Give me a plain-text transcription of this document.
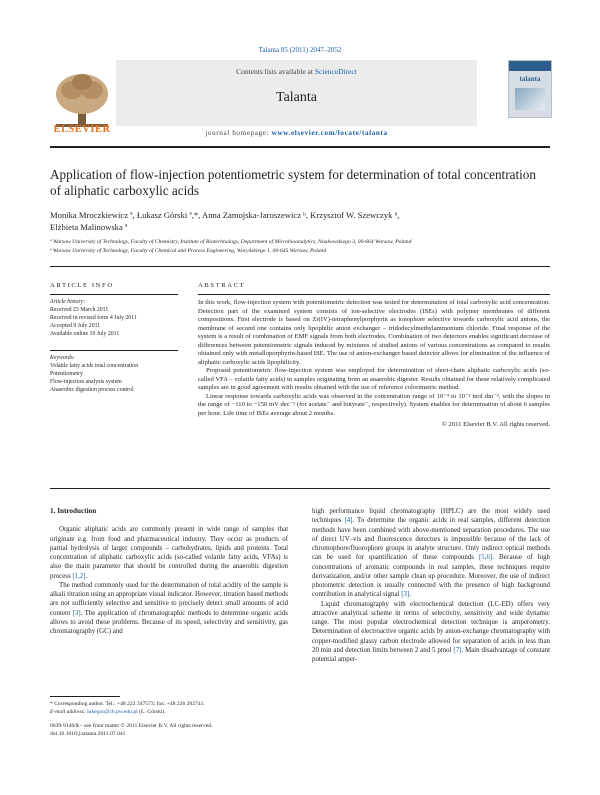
Talanta 85 (2011) 2047–2052
ELSEVIER
Contents lists available at ScienceDirect
Talanta
journal homepage: www.elsevier.com/locate/talanta
talanta
Application of flow-injection potentiometric system for determination of total concentration of aliphatic carboxylic acids
Monika Mroczkiewicz ª, Łukasz Górski ª,*, Anna Zamojska-Jaroszewicz ᵇ, Krzysztof W. Szewczyk ᵇ,
Elżbieta Malinowska ª
ª Warsaw University of Technology, Faculty of Chemistry, Institute of Biotechnology, Department of Microbioanalytics, Noakowskiego 3, 00-664 Warsaw, Poland
ᵇ Warsaw University of Technology, Faculty of Chemical and Process Engineering, Waryńskiego 1, 00-645 Warsaw, Poland
ARTICLE INFO
Article history:
Received 23 March 2011
Received in revised form 4 July 2011
Accepted 9 July 2011
Available online 19 July 2011
Keywords:
Volatile fatty acids total concentration
Potentiometry
Flow-injection analysis system
Anaerobic digestion process control
ABSTRACT

In this work, flow-injection system with potentiometric detection was tested for determination of total carboxylic acid concentration. Detection part of the examined system consists of ion-selective electrodes (ISEs) with polymer membranes of different compositions. First electrode is based on Zr(IV)-tetraphenylporphyrin as ionophore selective towards carboxylic acid anions, the membrane of second one contains only lipophilic anion exchanger – tridodecylmethylammonium chloride. Final response of the system is a result of combination of EMF signals from both electrodes. Combination of two detectors enables significant decrease of differences between potentiometric signals induced by mixtures of studied anions of various concentrations as compared to results obtained only with metalloporphyrin-based ISE. The use of anion-exchanger based detector allows for elimination of the influence of aliphatic carboxylic acids lipophilicity.

Proposed potentiometric flow-injection system was employed for determination of short-chain aliphatic carboxylic acids (so-called VFA – volatile fatty acids) in samples originating from an anaerobic digester. Results obtained for these relatively complicated samples are in good agreement with results obtained with the use of reference colorimetric method.

Linear response towards carboxylic acids was observed in the concentration range of 10⁻⁴ to 10⁻² mol dm⁻³, with the slopes in the range of −110 to −150 mV dec⁻¹ (for acetate⁻ and butyrate⁻, respectively). System enables for determination of about 6 samples per hour. Life time of ISEs average about 2 months.

© 2011 Elsevier B.V. All rights reserved.
1. Introduction

Organic aliphatic acids are commonly present in wide range of samples that originate e.g. from food and pharmaceutical industry. They occur as products of partial hydrolysis of larger compounds – carbohydrates, lipids and proteins. Total concentration of aliphatic carboxylic acids (so-called volatile fatty acids, VFAs) is also the main parameter that should be controlled during the anaerobic digestion process [1,2].

The method commonly used for the determination of total acidity of the sample is alkali titration using an appropriate visual indicator. However, titration based methods are not sufficiently selective and sensitive to precisely detect small amounts of acid content [3]. The application of chromatographic methods to determine organic acids allows to avoid these problems. Because of its speed, selectivity and sensitivity, gas chromatography (GC) and

high performance liquid chromatography (HPLC) are the most widely used techniques [4]. To determine the organic acids in real samples, different detection methods have been combined with above-mentioned separation procedures. The use of direct UV–vis and fluorescence detectors is impossible because of the lack of chromophore/fluorophore groups in analyte structure. Only indirect optical methods can be used for quantification of these compounds [5,6]. Because of high concentrations of aromatic compounds in real samples, these techniques require derivatization, and/or other sample clean up procedure. Moreover, the use of indirect photometric detection is usually connected with the presence of high background contribution in analytical signal [3].

Liquid chromatography with electrochemical detection (LC-ED) offers very attractive analytical scheme in terms of selectivity, sensitivity and wide dynamic range. The most popular electrochemical detection technique is amperometry. Determination of electroactive organic acids by anion-exchange chromatography with copper-modified glassy carbon electrode allowed for separation of acids in less than 20 min and detection limits between 2 and 5 pmol [7]. Main disadvantage of constant potential amper-

* Corresponding author. Tel.: +48 222 347573; fax: +48 226 282741.
E-mail address: lukegor@ch.pw.edu.pl (Ł. Górski).
0039-9140/$ – see front matter © 2011 Elsevier B.V. All rights reserved.
doi:10.1016/j.talanta.2011.07.041
